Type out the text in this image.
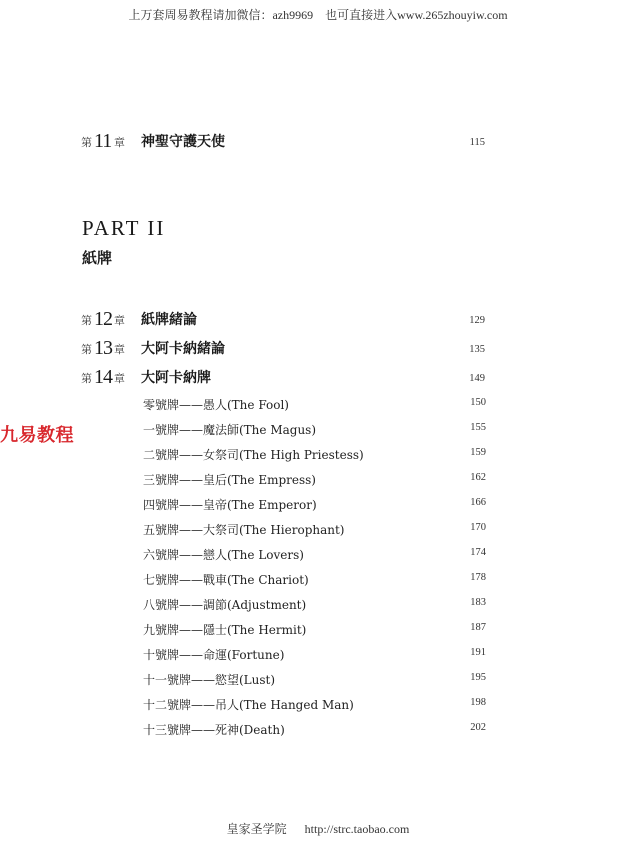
上万套周易教程请加微信：azh9969　也可直接进入www.265zhouyiw.com
第 11 章 神聖守護天使	115
PART II
紙牌
第 12 章 紙牌緒論	129
第 13 章 大阿卡納緒論	135
第 14 章 大阿卡納牌	149
九易教程
零號牌——愚人(The Fool)	150
一號牌——魔法師(The Magus)	155
二號牌——女祭司(The High Priestess)	159
三號牌——皇后(The Empress)	162
四號牌——皇帝(The Emperor)	166
五號牌——大祭司(The Hierophant)	170
六號牌——戀人(The Lovers)	174
七號牌——戰車(The Chariot)	178
八號牌——調節(Adjustment)	183
九號牌——隱士(The Hermit)	187
十號牌——命運(Fortune)	191
十一號牌——慾望(Lust)	195
十二號牌——吊人(The Hanged Man)	198
十三號牌——死神(Death)	202
皇家圣学院 http://strc.taobao.com
